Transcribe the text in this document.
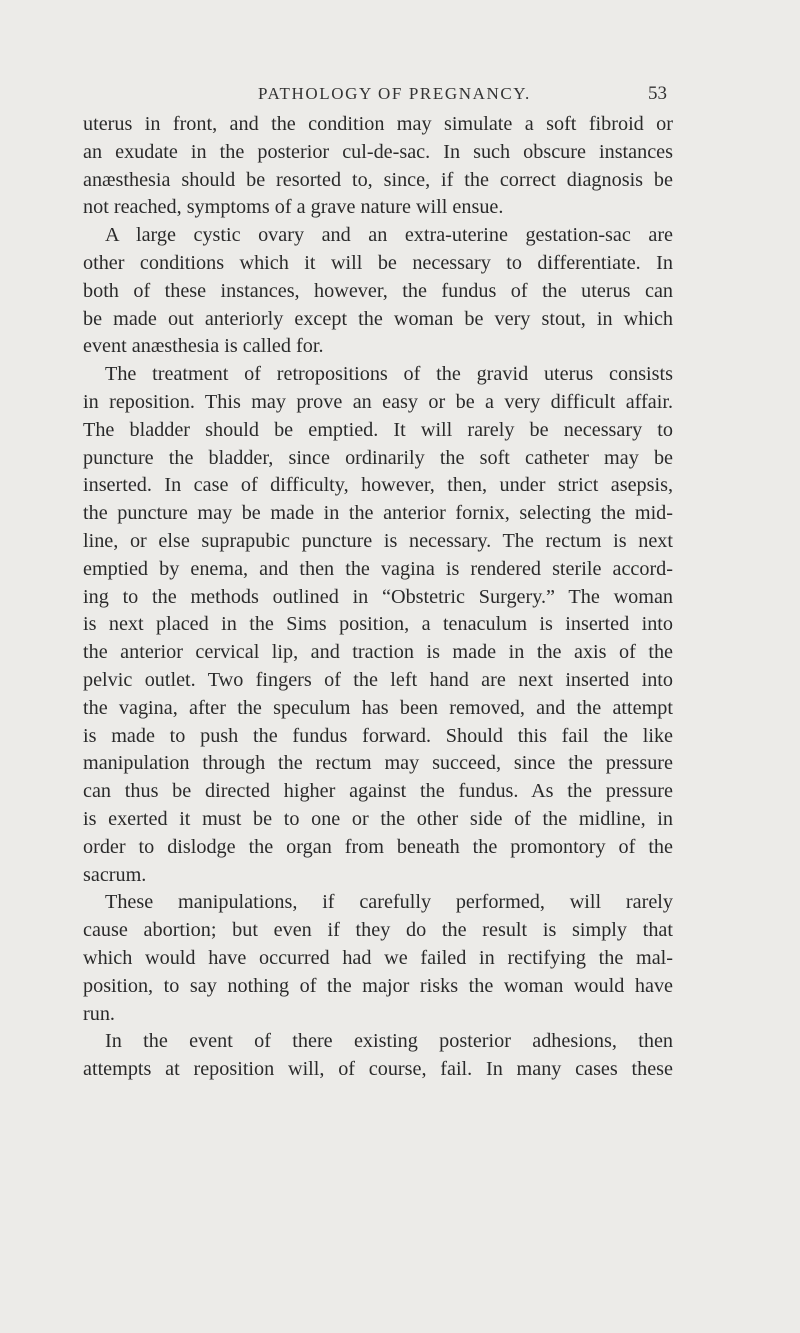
PATHOLOGY OF PREGNANCY.	53
uterus in front, and the condition may simulate a soft fibroid or
an exudate in the posterior cul-de-sac. In such obscure instances
anæsthesia should be resorted to, since, if the correct diagnosis be
not reached, symptoms of a grave nature will ensue.
A large cystic ovary and an extra-uterine gestation-sac are
other conditions which it will be necessary to differentiate. In
both of these instances, however, the fundus of the uterus can
be made out anteriorly except the woman be very stout, in which
event anæsthesia is called for.
The treatment of retropositions of the gravid uterus consists
in reposition. This may prove an easy or be a very difficult affair.
The bladder should be emptied. It will rarely be necessary to
puncture the bladder, since ordinarily the soft catheter may be
inserted. In case of difficulty, however, then, under strict asepsis,
the puncture may be made in the anterior fornix, selecting the mid-
line, or else suprapubic puncture is necessary. The rectum is next
emptied by enema, and then the vagina is rendered sterile accord-
ing to the methods outlined in “Obstetric Surgery.” The woman
is next placed in the Sims position, a tenaculum is inserted into
the anterior cervical lip, and traction is made in the axis of the
pelvic outlet. Two fingers of the left hand are next inserted into
the vagina, after the speculum has been removed, and the attempt
is made to push the fundus forward. Should this fail the like
manipulation through the rectum may succeed, since the pressure
can thus be directed higher against the fundus. As the pressure
is exerted it must be to one or the other side of the midline, in
order to dislodge the organ from beneath the promontory of the
sacrum.
These manipulations, if carefully performed, will rarely
cause abortion; but even if they do the result is simply that
which would have occurred had we failed in rectifying the mal-
position, to say nothing of the major risks the woman would have
run.
In the event of there existing posterior adhesions, then
attempts at reposition will, of course, fail. In many cases these
